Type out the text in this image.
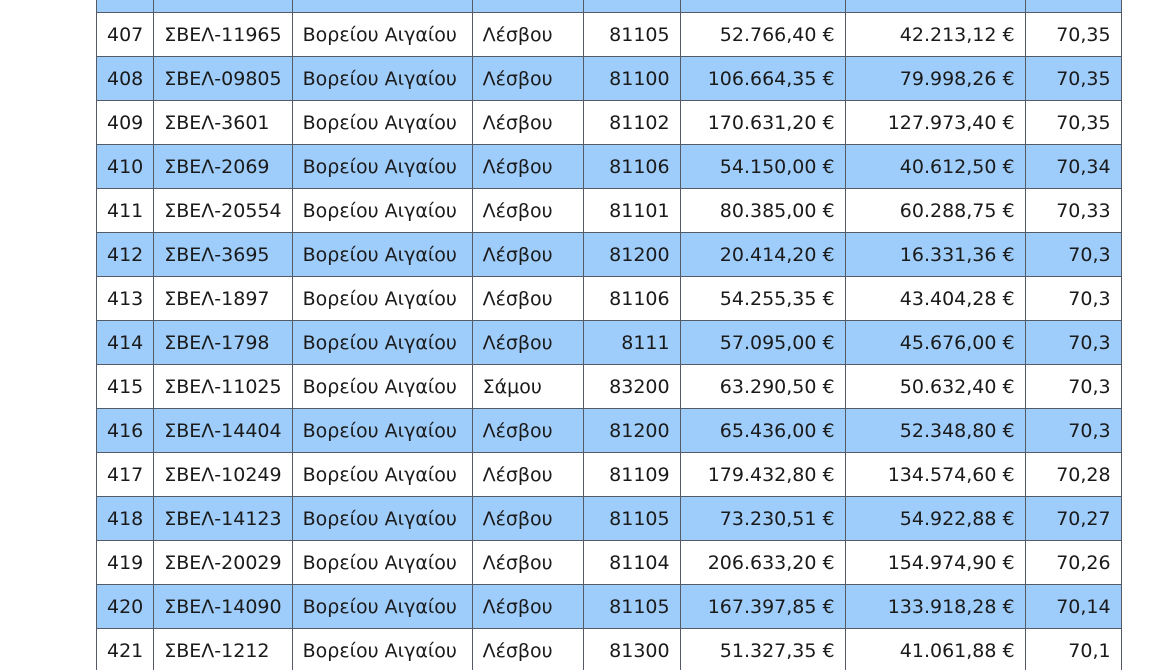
407	ΣΒΕΛ-11965	Βορείου Αιγαίου	Λέσβου	81105	52.766,40 €	42.213,12 €	70,35
408	ΣΒΕΛ-09805	Βορείου Αιγαίου	Λέσβου	81100	106.664,35 €	79.998,26 €	70,35
409	ΣΒΕΛ-3601	Βορείου Αιγαίου	Λέσβου	81102	170.631,20 €	127.973,40 €	70,35
410	ΣΒΕΛ-2069	Βορείου Αιγαίου	Λέσβου	81106	54.150,00 €	40.612,50 €	70,34
411	ΣΒΕΛ-20554	Βορείου Αιγαίου	Λέσβου	81101	80.385,00 €	60.288,75 €	70,33
412	ΣΒΕΛ-3695	Βορείου Αιγαίου	Λέσβου	81200	20.414,20 €	16.331,36 €	70,3
413	ΣΒΕΛ-1897	Βορείου Αιγαίου	Λέσβου	81106	54.255,35 €	43.404,28 €	70,3
414	ΣΒΕΛ-1798	Βορείου Αιγαίου	Λέσβου	8111	57.095,00 €	45.676,00 €	70,3
415	ΣΒΕΛ-11025	Βορείου Αιγαίου	Σάμου	83200	63.290,50 €	50.632,40 €	70,3
416	ΣΒΕΛ-14404	Βορείου Αιγαίου	Λέσβου	81200	65.436,00 €	52.348,80 €	70,3
417	ΣΒΕΛ-10249	Βορείου Αιγαίου	Λέσβου	81109	179.432,80 €	134.574,60 €	70,28
418	ΣΒΕΛ-14123	Βορείου Αιγαίου	Λέσβου	81105	73.230,51 €	54.922,88 €	70,27
419	ΣΒΕΛ-20029	Βορείου Αιγαίου	Λέσβου	81104	206.633,20 €	154.974,90 €	70,26
420	ΣΒΕΛ-14090	Βορείου Αιγαίου	Λέσβου	81105	167.397,85 €	133.918,28 €	70,14
421	ΣΒΕΛ-1212	Βορείου Αιγαίου	Λέσβου	81300	51.327,35 €	41.061,88 €	70,1
